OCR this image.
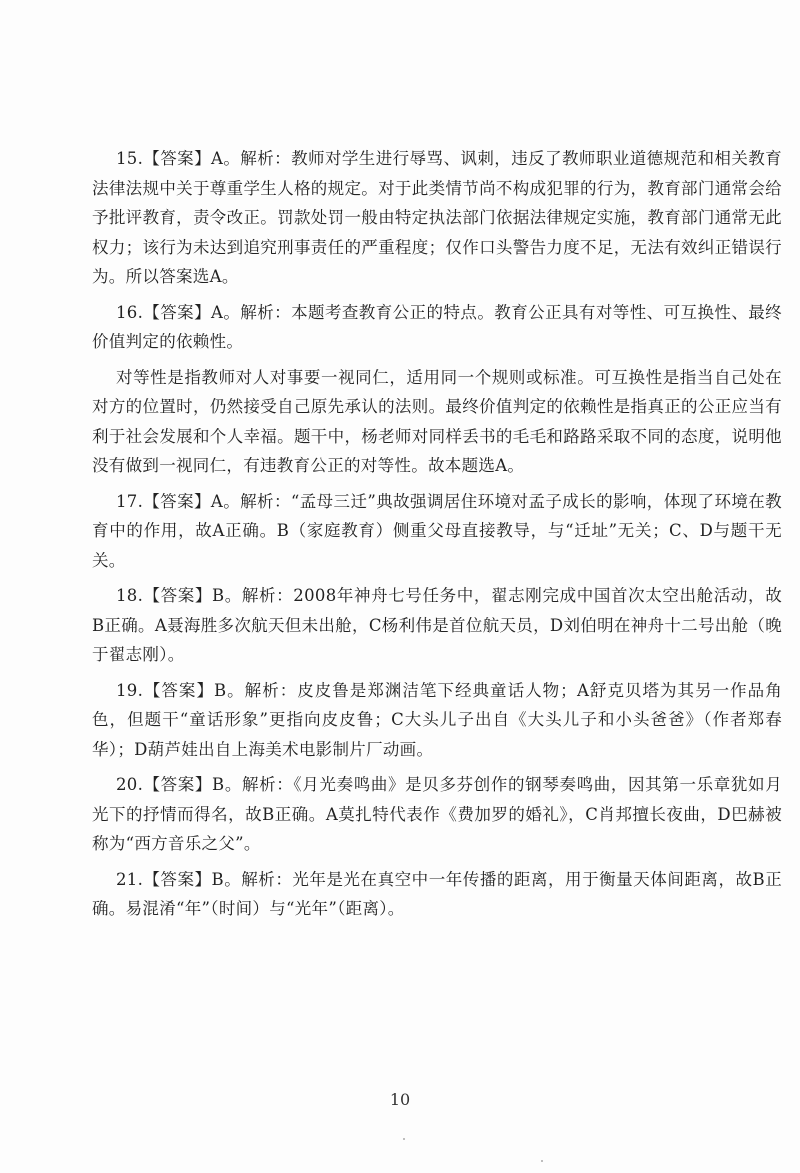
15.【答案】A。解析：教师对学生进行辱骂、讽刺，违反了教师职业道德规范和相关教育法律法规中关于尊重学生人格的规定。对于此类情节尚不构成犯罪的行为，教育部门通常会给予批评教育，责令改正。罚款处罚一般由特定执法部门依据法律规定实施，教育部门通常无此权力；该行为未达到追究刑事责任的严重程度；仅作口头警告力度不足，无法有效纠正错误行为。所以答案选A。

16.【答案】A。解析：本题考查教育公正的特点。教育公正具有对等性、可互换性、最终价值判定的依赖性。

对等性是指教师对人对事要一视同仁，适用同一个规则或标准。可互换性是指当自己处在对方的位置时，仍然接受自己原先承认的法则。最终价值判定的依赖性是指真正的公正应当有利于社会发展和个人幸福。题干中，杨老师对同样丢书的毛毛和路路采取不同的态度，说明他没有做到一视同仁，有违教育公正的对等性。故本题选A。

17.【答案】A。解析：“孟母三迁”典故强调居住环境对孟子成长的影响，体现了环境在教育中的作用，故A正确。B（家庭教育）侧重父母直接教导，与“迁址”无关；C、D与题干无关。

18.【答案】B。解析：2008年神舟七号任务中，翟志刚完成中国首次太空出舱活动，故B正确。A聂海胜多次航天但未出舱，C杨利伟是首位航天员，D刘伯明在神舟十二号出舱（晚于翟志刚）。

19.【答案】B。解析：皮皮鲁是郑渊洁笔下经典童话人物；A舒克贝塔为其另一作品角色，但题干“童话形象”更指向皮皮鲁；C大头儿子出自《大头儿子和小头爸爸》（作者郑春华）；D葫芦娃出自上海美术电影制片厂动画。

20.【答案】B。解析：《月光奏鸣曲》是贝多芬创作的钢琴奏鸣曲，因其第一乐章犹如月光下的抒情而得名，故B正确。A莫扎特代表作《费加罗的婚礼》，C肖邦擅长夜曲，D巴赫被称为“西方音乐之父”。

21.【答案】B。解析：光年是光在真空中一年传播的距离，用于衡量天体间距离，故B正确。易混淆“年”（时间）与“光年”（距离）。

10
